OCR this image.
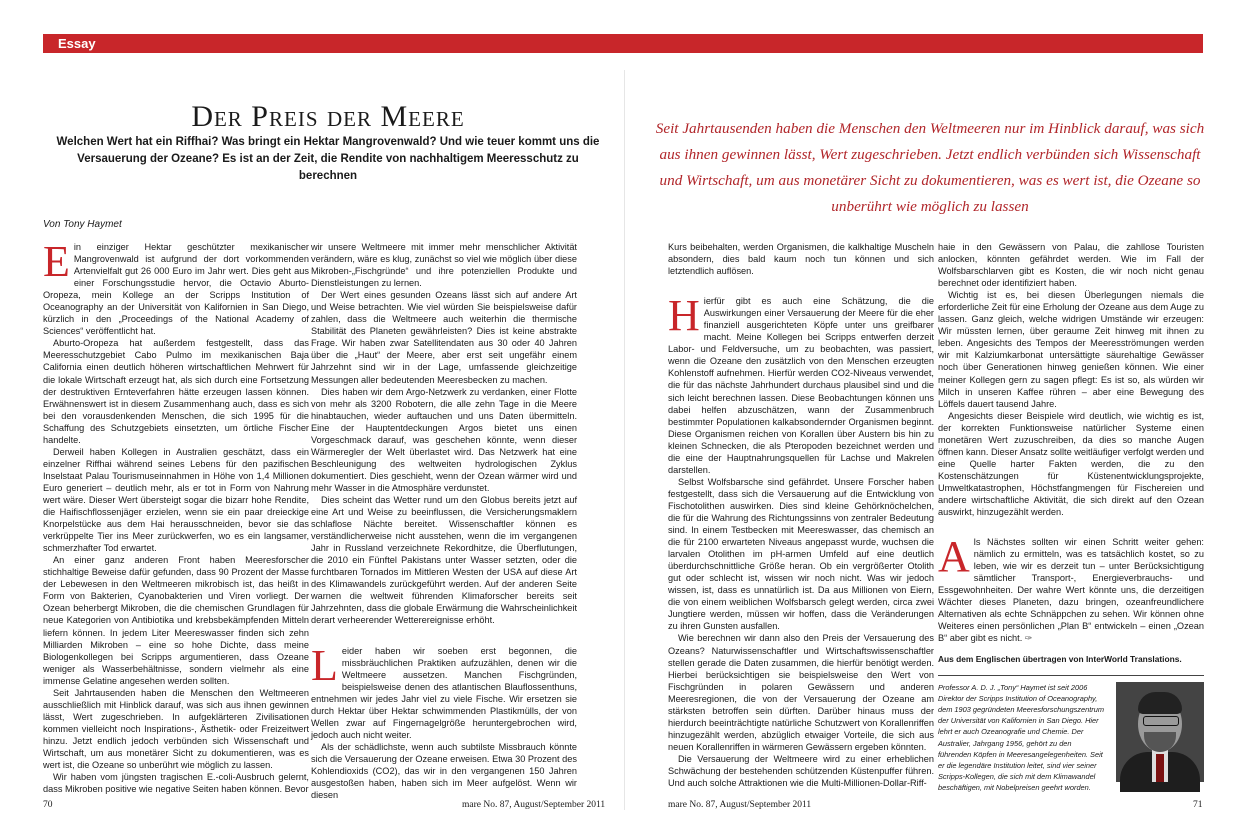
Essay
Der Preis der Meere

Welchen Wert hat ein Riffhai? Was bringt ein Hektar Mangrovenwald? Und wie teuer kommt uns die Versauerung der Ozeane? Es ist an der Zeit, die Rendite von nachhaltigem Meeresschutz zu berechnen

Seit Jahrtausenden haben die Menschen den Weltmeeren nur im Hinblick darauf, was sich aus ihnen gewinnen lässt, Wert zugeschrieben. Jetzt endlich verbünden sich Wissenschaft und Wirtschaft, um aus monetärer Sicht zu dokumentieren, was es wert ist, die Ozeane so unberührt wie möglich zu lassen

Von Tony Haymet

Ein einziger Hektar geschützter mexikanischer Mangrovenwald ist aufgrund der dort vorkommenden Artenvielfalt gut 26 000 Euro im Jahr wert. Dies geht aus einer Forschungsstudie hervor, die Octavio Aburto-Oropeza, mein Kollege an der Scripps Institution of Oceanography an der Universität von Kalifornien in San Diego, kürzlich in den „Proceedings of the National Academy of Sciences“ veröffentlicht hat.

Aburto-Oropeza hat außerdem festgestellt, dass das Meeresschutzgebiet Cabo Pulmo im mexikanischen Baja California einen deutlich höheren wirtschaftlichen Mehrwert für die lokale Wirtschaft erzeugt hat, als sich durch eine Fortsetzung der destruktiven Ernteverfahren hätte erzeugen lassen können. Erwähnenswert ist in diesem Zusammenhang auch, dass es sich bei den vorausdenkenden Menschen, die sich 1995 für die Schaffung des Schutzgebiets einsetzten, um örtliche Fischer handelte.

Derweil haben Kollegen in Australien geschätzt, dass ein einzelner Riffhai während seines Lebens für den pazifischen Inselstaat Palau Tourismuseinnahmen in Höhe von 1,4 Millionen Euro generiert – deutlich mehr, als er tot in Form von Nahrung wert wäre. Dieser Wert übersteigt sogar die bizarr hohe Rendite, die Haifischflossenjäger erzielen, wenn sie ein paar dreieckige Knorpelstücke aus dem Hai herausschneiden, bevor sie das verkrüppelte Tier ins Meer zurückwerfen, wo es ein langsamer, schmerzhafter Tod erwartet.

An einer ganz anderen Front haben Meeresforscher stichhaltige Beweise dafür gefunden, dass 90 Prozent der Masse der Lebewesen in den Weltmeeren mikrobisch ist, das heißt in Form von Bakterien, Cyanobakterien und Viren vorliegt. Der Ozean beherbergt Mikroben, die die chemischen Grundlagen für neue Kategorien von Antibiotika und krebsbekämpfenden Mitteln liefern können. In jedem Liter Meereswasser finden sich zehn Milliarden Mikroben – eine so hohe Dichte, dass meine Biologenkollegen bei Scripps argumentieren, dass Ozeane weniger als Wasserbehältnisse, sondern vielmehr als eine immense Gelatine angesehen werden sollten.

Seit Jahrtausenden haben die Menschen den Weltmeeren ausschließlich mit Hinblick darauf, was sich aus ihnen gewinnen lässt, Wert zugeschrieben. In aufgeklärteren Zivilisationen kommen vielleicht noch Inspirations-, Ästhetik- oder Freizeitwert hinzu. Jetzt endlich jedoch verbünden sich Wissenschaft und Wirtschaft, um aus monetärer Sicht zu dokumentieren, was es wert ist, die Ozeane so unberührt wie möglich zu lassen.

Wir haben vom jüngsten tragischen E.-coli-Ausbruch gelernt, dass Mikroben positive wie negative Seiten haben können. Bevor

wir unsere Weltmeere mit immer mehr menschlicher Aktivität verändern, wäre es klug, zunächst so viel wie möglich über diese Mikroben-„Fischgründe“ und ihre potenziellen Produkte und Dienstleistungen zu lernen.

Der Wert eines gesunden Ozeans lässt sich auf andere Art und Weise betrachten. Wie viel würden Sie beispielsweise dafür zahlen, dass die Weltmeere auch weiterhin die thermische Stabilität des Planeten gewährleisten? Dies ist keine abstrakte Frage. Wir haben zwar Satellitendaten aus 30 oder 40 Jahren über die „Haut“ der Meere, aber erst seit ungefähr einem Jahrzehnt sind wir in der Lage, umfassende gleichzeitige Messungen aller bedeutenden Meeresbecken zu machen.

Dies haben wir dem Argo-Netzwerk zu verdanken, einer Flotte von mehr als 3200 Robotern, die alle zehn Tage in die Meere hinabtauchen, wieder auftauchen und uns Daten übermitteln. Eine der Hauptentdeckungen Argos bietet uns einen Vorgeschmack darauf, was geschehen könnte, wenn dieser Wärmeregler der Welt überlastet wird. Das Netzwerk hat eine Beschleunigung des weltweiten hydrologischen Zyklus dokumentiert. Dies geschieht, wenn der Ozean wärmer wird und mehr Wasser in die Atmosphäre verdunstet.

Dies scheint das Wetter rund um den Globus bereits jetzt auf eine Art und Weise zu beeinflussen, die Versicherungsmaklern schlaflose Nächte bereitet. Wissenschaftler können es verständlicherweise nicht ausstehen, wenn die im vergangenen Jahr in Russland verzeichnete Rekordhitze, die Überflutungen, die 2010 ein Fünftel Pakistans unter Wasser setzten, oder die furchtbaren Tornados im Mittleren Westen der USA auf diese Art des Klimawandels zurückgeführt werden. Auf der anderen Seite warnen die weltweit führenden Klimaforscher bereits seit Jahrzehnten, dass die globale Erwärmung die Wahrscheinlichkeit derart verheerender Wetterereignisse erhöht.

Leider haben wir soeben erst begonnen, die missbräuchlichen Praktiken aufzuzählen, denen wir die Weltmeere aussetzen. Manchen Fischgründen, beispielsweise denen des atlantischen Blauflossenthuns, entnehmen wir jedes Jahr viel zu viele Fische. Wir ersetzen sie durch Hektar über Hektar schwimmenden Plastikmülls, der von Wellen zwar auf Fingernagelgröße heruntergebrochen wird, jedoch auch nicht weiter.

Als der schädlichste, wenn auch subtilste Missbrauch könnte sich die Versauerung der Ozeane erweisen. Etwa 30 Prozent des Kohlendioxids (CO2), das wir in den vergangenen 150 Jahren ausgestoßen haben, haben sich im Meer aufgelöst. Wenn wir diesen

Kurs beibehalten, werden Organismen, die kalkhaltige Muscheln absondern, dies bald kaum noch tun können und sich letztendlich auflösen.

Hierfür gibt es auch eine Schätzung, die die Auswirkungen einer Versauerung der Meere für die eher finanziell ausgerichteten Köpfe unter uns greifbarer macht. Meine Kollegen bei Scripps entwerfen derzeit Labor- und Feldversuche, um zu beobachten, was passiert, wenn die Ozeane den zusätzlich von den Menschen erzeugten Kohlenstoff aufnehmen. Hierfür werden CO2-Niveaus verwendet, die für das nächste Jahrhundert durchaus plausibel sind und die sich leicht berechnen lassen. Diese Beobachtungen können uns dabei helfen abzuschätzen, wann der Zusammenbruch bestimmter Populationen kalkabsondernder Organismen beginnt. Diese Organismen reichen von Korallen über Austern bis hin zu kleinen Schnecken, die als Pteropoden bezeichnet werden und die eine der Hauptnahrungsquellen für Lachse und Makrelen darstellen.

Selbst Wolfsbarsche sind gefährdet. Unsere Forscher haben festgestellt, dass sich die Versauerung auf die Entwicklung von Fischotolithen auswirken. Dies sind kleine Gehörknöchelchen, die für die Wahrung des Richtungssinns von zentraler Bedeutung sind. In einem Testbecken mit Meereswasser, das chemisch an die für 2100 erwarteten Niveaus angepasst wurde, wuchsen die larvalen Otolithen im pH-armen Umfeld auf eine deutlich überdurchschnittliche Größe heran. Ob ein vergrößerter Otolith gut oder schlecht ist, wissen wir noch nicht. Was wir jedoch wissen, ist, dass es unnatürlich ist. Da aus Millionen von Eiern, die von einem weiblichen Wolfsbarsch gelegt werden, circa zwei Jungtiere werden, müssen wir hoffen, dass die Veränderungen zu ihren Gunsten ausfallen.

Wie berechnen wir dann also den Preis der Versauerung des Ozeans? Naturwissenschaftler und Wirtschaftswissenschaftler stellen gerade die Daten zusammen, die hierfür benötigt werden. Hierbei berücksichtigen sie beispielsweise den Wert von Fischgründen in polaren Gewässern und anderen Meeresregionen, die von der Versauerung der Ozeane am stärksten betroffen sein dürften. Darüber hinaus muss der hierdurch beeinträchtigte natürliche Schutzwert von Korallenriffen hinzugezählt werden, abzüglich etwaiger Vorteile, die sich aus neuen Korallenriffen in wärmeren Gewässern ergeben könnten.

Die Versauerung der Weltmeere wird zu einer erheblichen Schwächung der bestehenden schützenden Küstenpuffer führen. Und auch solche Attraktionen wie die Multi-Millionen-Dollar-Riff-

haie in den Gewässern von Palau, die zahllose Touristen anlocken, könnten gefährdet werden. Wie im Fall der Wolfsbarschlarven gibt es Kosten, die wir noch nicht genau berechnet oder identifiziert haben.

Wichtig ist es, bei diesen Überlegungen niemals die erforderliche Zeit für eine Erholung der Ozeane aus dem Auge zu lassen. Ganz gleich, welche widrigen Umstände wir erzeugen: Wir müssten lernen, über geraume Zeit hinweg mit ihnen zu leben. Angesichts des Tempos der Meeresströmungen werden wir mit Kalziumkarbonat untersättigte säurehaltige Gewässer noch über Generationen hinweg genießen können. Wie einer meiner Kollegen gern zu sagen pflegt: Es ist so, als würden wir Milch in unseren Kaffee rühren – aber eine Bewegung des Löffels dauert tausend Jahre.

Angesichts dieser Beispiele wird deutlich, wie wichtig es ist, der korrekten Funktionsweise natürlicher Systeme einen monetären Wert zuzuschreiben, da dies so manche Augen öffnen kann. Dieser Ansatz sollte weitläufiger verfolgt werden und eine Quelle harter Fakten werden, die zu den Kostenschätzungen für Küstenentwicklungsprojekte, Umweltkatastrophen, Höchstfangmengen für Fischereien und andere wirtschaftliche Aktivität, die sich direkt auf den Ozean auswirkt, hinzugezählt werden.

Als Nächstes sollten wir einen Schritt weiter gehen: nämlich zu ermitteln, was es tatsächlich kostet, so zu leben, wie wir es derzeit tun – unter Berücksichtigung sämtlicher Transport-, Energieverbrauchs- und Essgewohnheiten. Der wahre Wert könnte uns, die derzeitigen Wächter dieses Planeten, dazu bringen, ozeanfreundlichere Alternativen als echte Schnäppchen zu sehen. Wir können ohne Weiteres einen persönlichen „Plan B“ entwickeln – einen „Ozean B“ aber gibt es nicht. ✑

Aus dem Englischen übertragen von InterWorld Translations.

Professor A. D. J. „Tony“ Haymet ist seit 2006 Direktor der Scripps Institution of Oceanography, dem 1903 gegründeten Meeresforschungszentrum der Universität von Kalifornien in San Diego. Hier lehrt er auch Ozeanografie und Chemie. Der Australier, Jahrgang 1956, gehört zu den führenden Köpfen in Meeresangelegenheiten. Seit er die legendäre Institution leitet, sind vier seiner Scripps-Kollegen, die sich mit dem Klimawandel beschäftigen, mit Nobelpreisen geehrt worden.
70	mare No. 87, August/September 2011	mare No. 87, August/September 2011	71
